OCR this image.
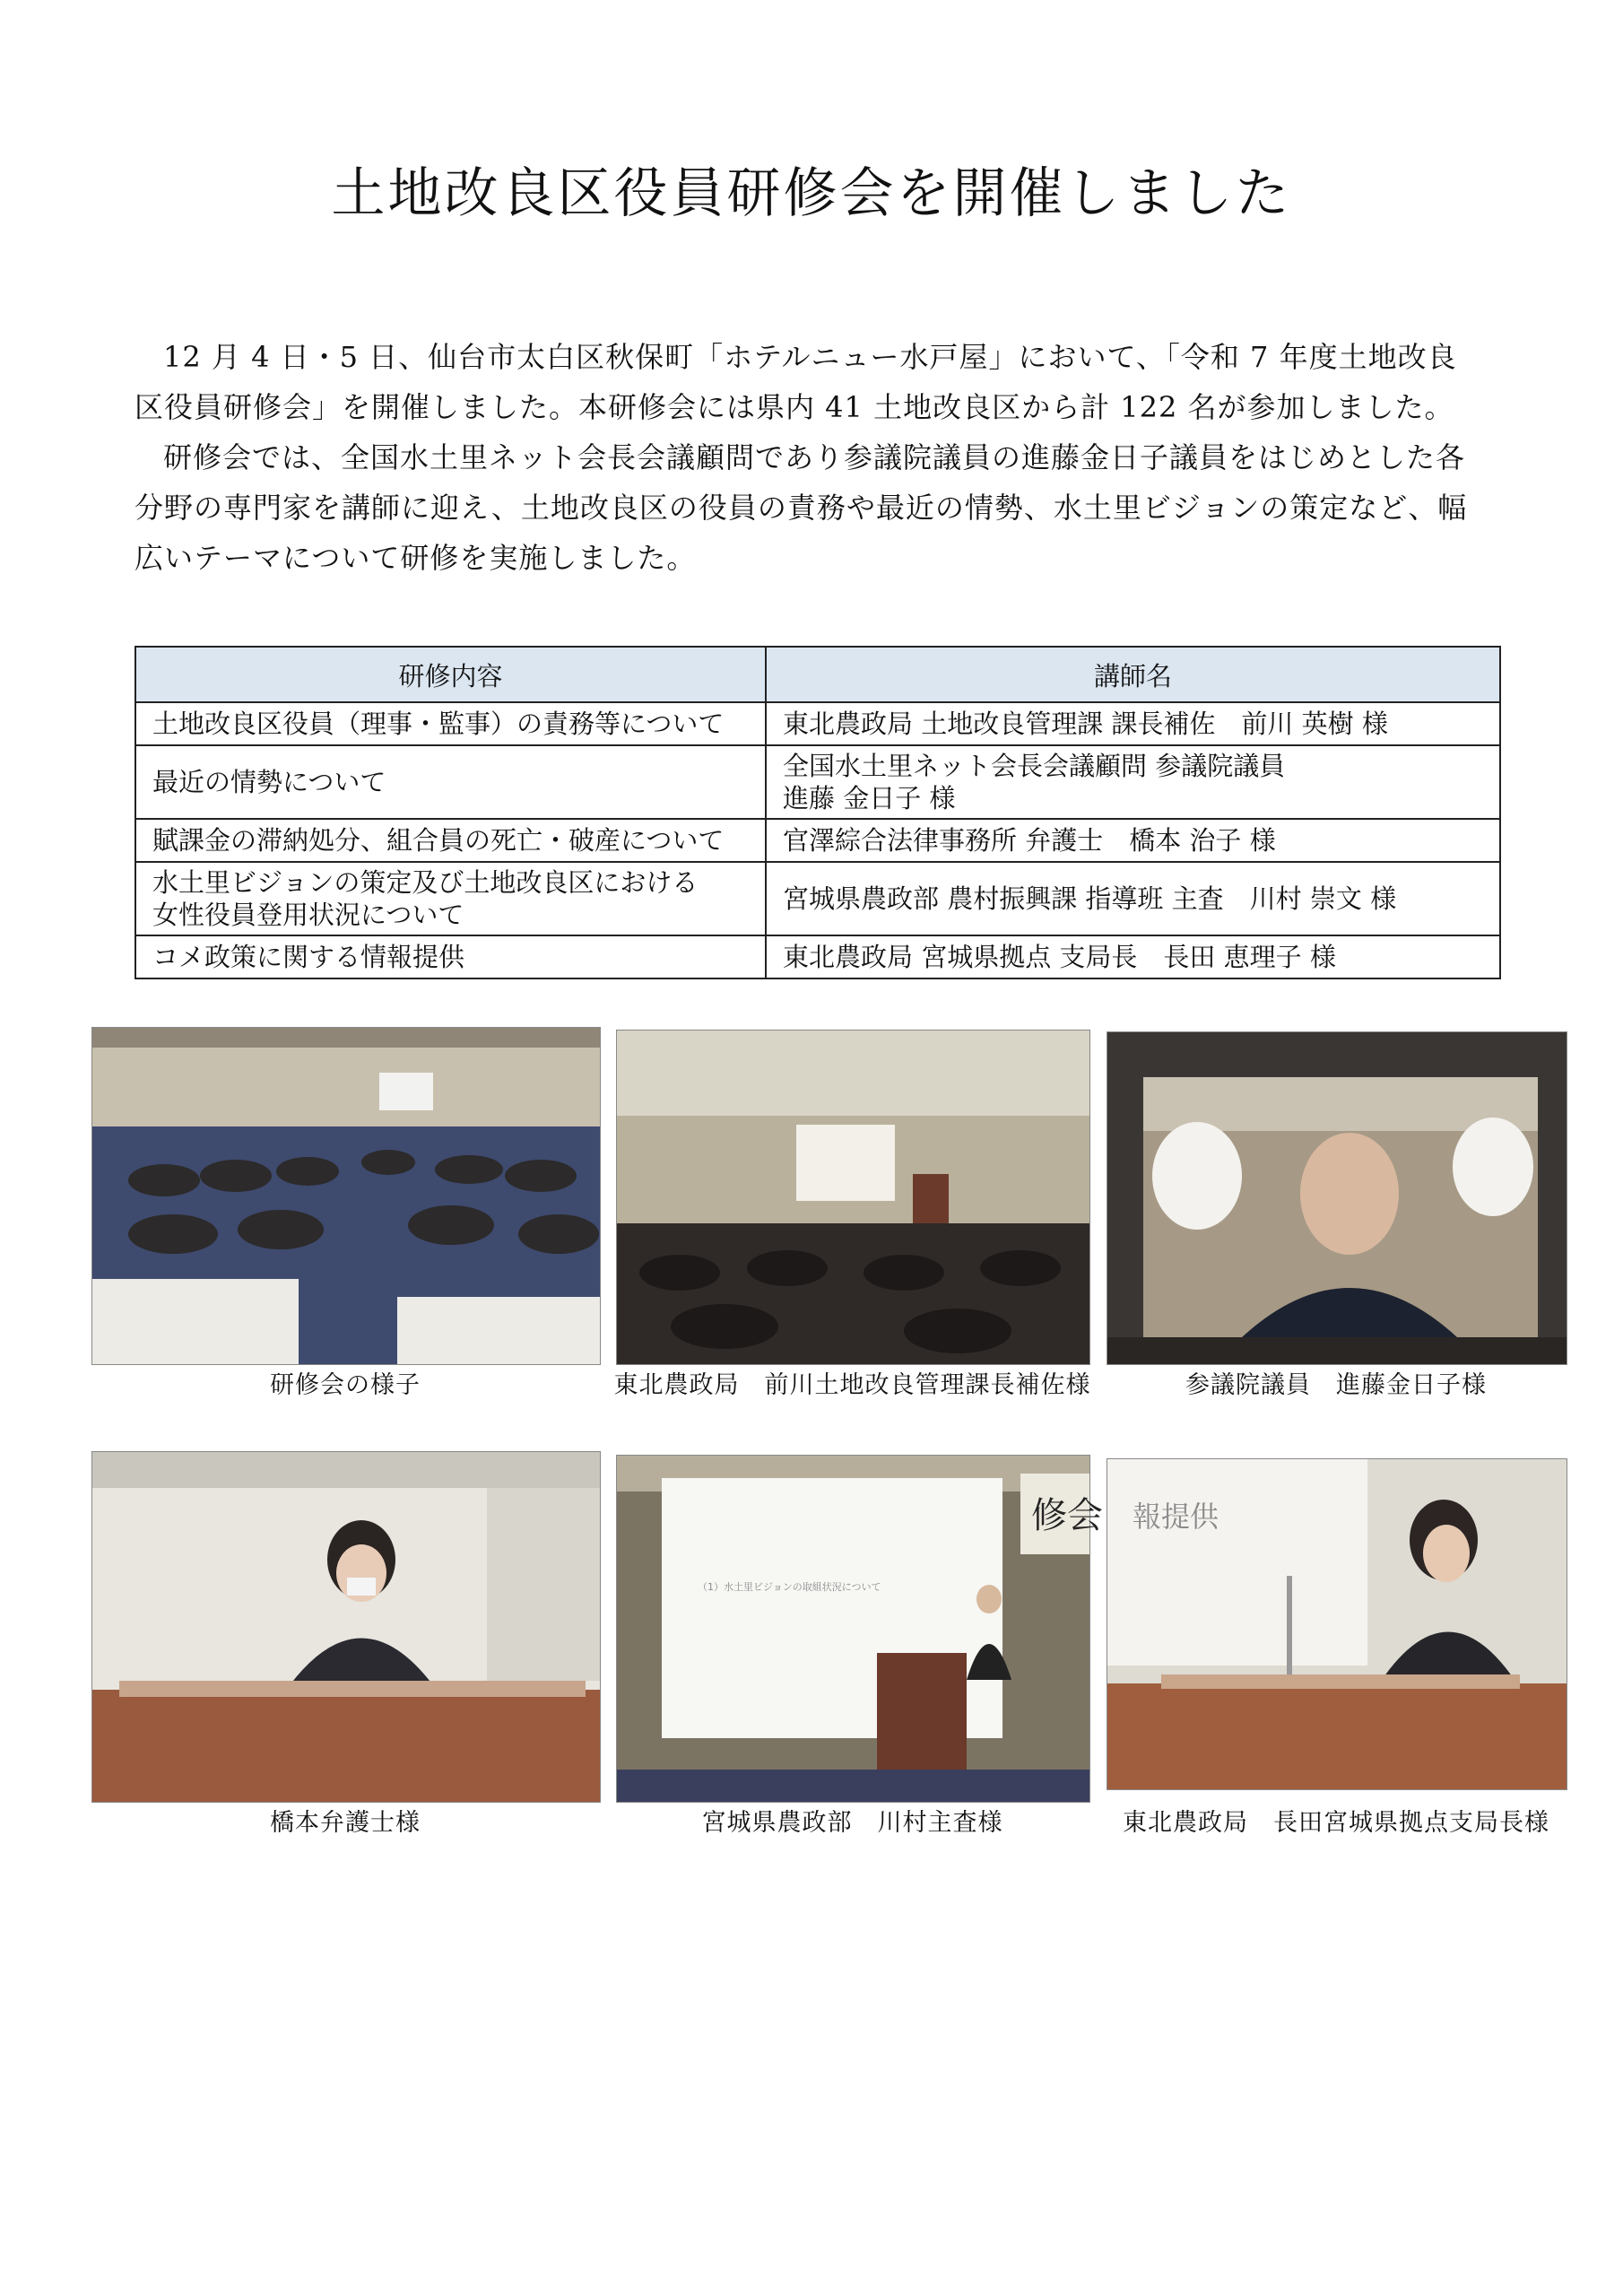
土地改良区役員研修会を開催しました

12 月 4 日・5 日、仙台市太白区秋保町「ホテルニュー水戸屋」において、「令和 7 年度土地改良区役員研修会」を開催しました。本研修会には県内 41 土地改良区から計 122 名が参加しました。

研修会では、全国水土里ネット会長会議顧問であり参議院議員の進藤金日子議員をはじめとした各分野の専門家を講師に迎え、土地改良区の役員の責務や最近の情勢、水土里ビジョンの策定など、幅広いテーマについて研修を実施しました。

研修内容	講師名
土地改良区役員（理事・監事）の責務等について	東北農政局 土地改良管理課 課長補佐　前川 英樹 様
最近の情勢について	全国水土里ネット会長会議顧問 参議院議員
進藤 金日子 様

賦課金の滞納処分、組合員の死亡・破産について	官澤綜合法律事務所 弁護士　橋本 治子 様

水土里ビジョンの策定及び土地改良区における
女性役員登用状況について	宮城県農政部 農村振興課 指導班 主査　川村 崇文 様
コメ政策に関する情報提供	東北農政局 宮城県拠点 支局長　長田 恵理子 様
研修会の様子	東北農政局　前川土地改良管理課長補佐様	参議院議員　進藤金日子様
橋本弁護士様
修会
（1）水土里ビジョンの取組状況について
宮城県農政部　川村主査様
報提供
東北農政局　長田宮城県拠点支局長様
